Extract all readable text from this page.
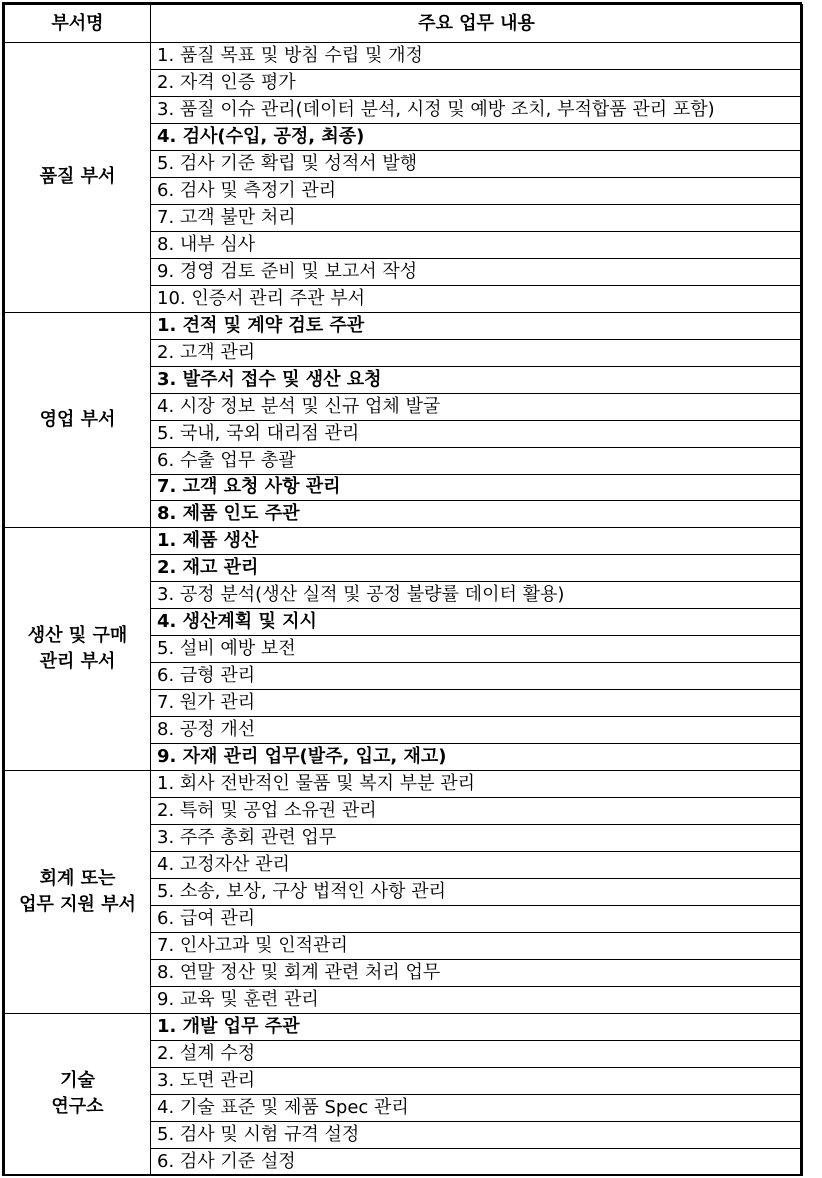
부서명	주요 업무 내용

품질 부서	1. 품질 목표 및 방침 수립 및 개정
	2. 자격 인증 평가
	3. 품질 이슈 관리(데이터 분석, 시정 및 예방 조치, 부적합품 관리 포함)
	4. 검사(수입, 공정, 최종)
	5. 검사 기준 확립 및 성적서 발행
	6. 검사 및 측정기 관리
	7. 고객 불만 처리
	8. 내부 심사
	9. 경영 검토 준비 및 보고서 작성
	10. 인증서 관리 주관 부서

영업 부서	1. 견적 및 계약 검토 주관
	2. 고객 관리
	3. 발주서 접수 및 생산 요청
	4. 시장 정보 분석 및 신규 업체 발굴
	5. 국내, 국외 대리점 관리
	6. 수출 업무 총괄
	7. 고객 요청 사항 관리
	8. 제품 인도 주관

생산 및 구매
관리 부서	1. 제품 생산
	2. 재고 관리
	3. 공정 분석(생산 실적 및 공정 불량률 데이터 활용)
	4. 생산계획 및 지시
	5. 설비 예방 보전
	6. 금형 관리
	7. 원가 관리
	8. 공정 개선
	9. 자재 관리 업무(발주, 입고, 재고)

회계 또는
업무 지원 부서	1. 회사 전반적인 물품 및 복지 부분 관리
	2. 특허 및 공업 소유권 관리
	3. 주주 총회 관련 업무
	4. 고정자산 관리
	5. 소송, 보상, 구상 법적인 사항 관리
	6. 급여 관리
	7. 인사고과 및 인적관리
	8. 연말 정산 및 회계 관련 처리 업무
	9. 교육 및 훈련 관리

기술
연구소	1. 개발 업무 주관
	2. 설계 수정
	3. 도면 관리
	4. 기술 표준 및 제품 Spec 관리
	5. 검사 및 시험 규격 설정
	6. 검사 기준 설정
